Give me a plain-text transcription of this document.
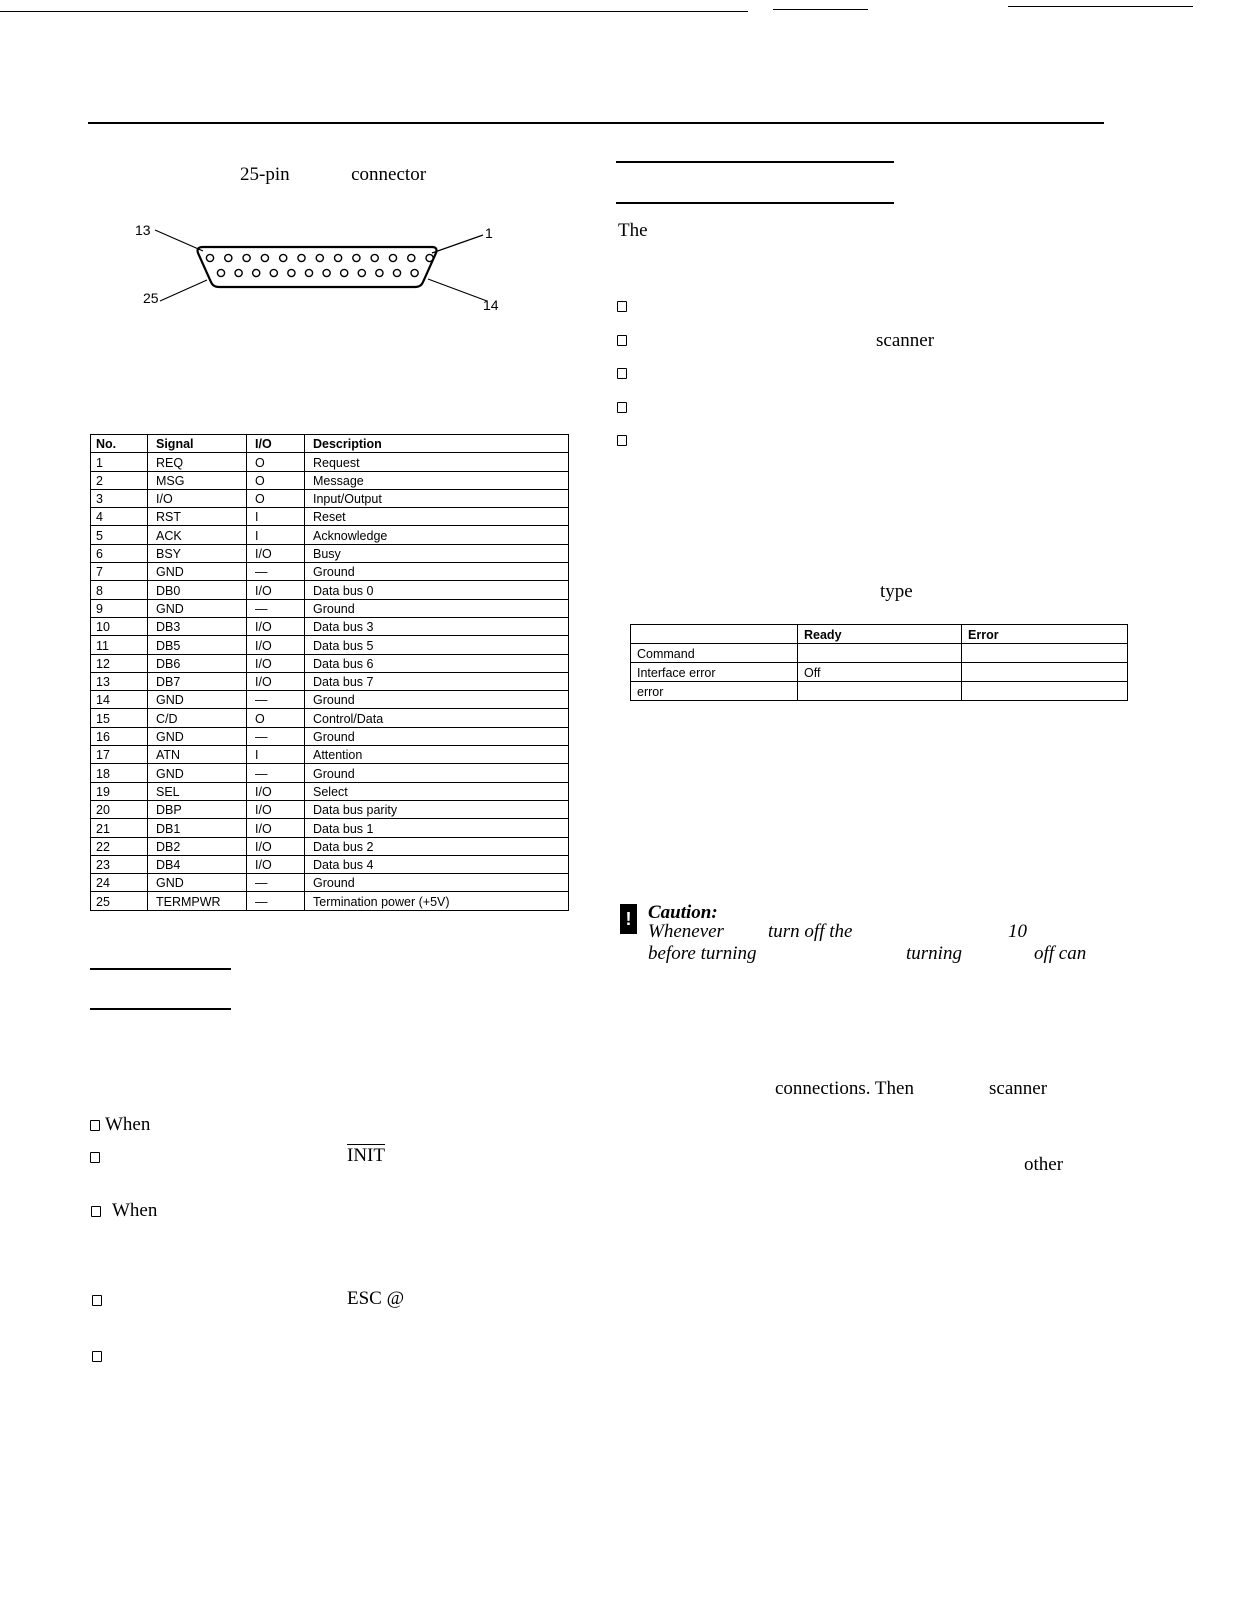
25-pin	connector
13	1
25	14
No.	Signal	I/O	Description
1	REQ	O	Request
2	MSG	O	Message
3	I/O	O	Input/Output
4	RST	I	Reset
5	ACK	I	Acknowledge
6	BSY	I/O	Busy
7	GND	—	Ground
8	DB0	I/O	Data bus 0
9	GND	—	Ground
10	DB3	I/O	Data bus 3
11	DB5	I/O	Data bus 5
12	DB6	I/O	Data bus 6
13	DB7	I/O	Data bus 7
14	GND	—	Ground
15	C/D	O	Control/Data
16	GND	—	Ground
17	ATN	I	Attention
18	GND	—	Ground
19	SEL	I/O	Select
20	DBP	I/O	Data bus parity
21	DB1	I/O	Data bus 1
22	DB2	I/O	Data bus 2
23	DB4	I/O	Data bus 4
24	GND	—	Ground
25	TERMPWR	—	Termination power (+5V)
When
INIT
When
ESC @
The
scanner
type
	Ready	Error
Command		
Interface error	Off	
error		
! Caution:
Whenever turn off the	10
before turning	turning	off can
connections. Then	scanner
other
